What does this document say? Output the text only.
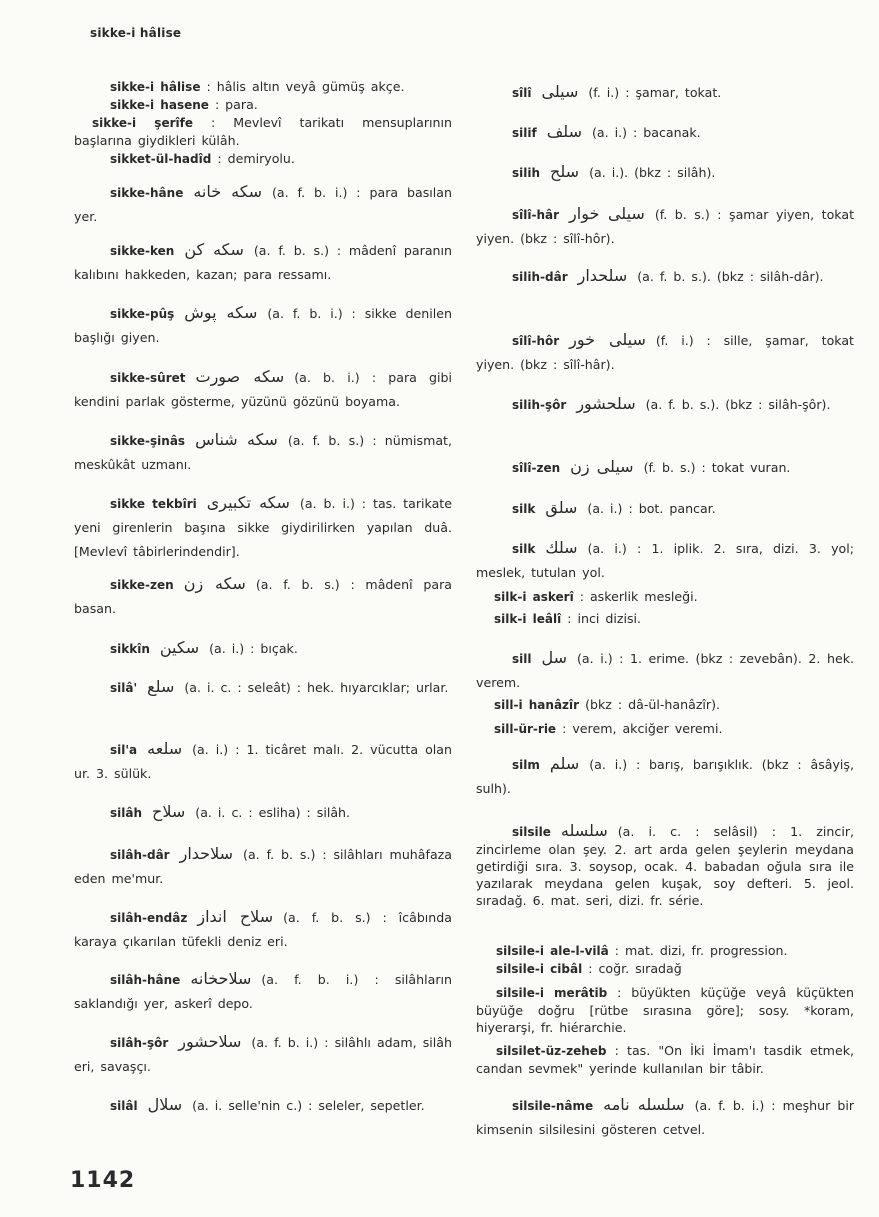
sikke-i hâlise
sikke-i hâlise : hâlis altın veyâ gümüş akçe.
sikke-i hasene : para.
sikke-i şerîfe : Mevlevî tarikatı mensuplarının başlarına giydikleri külâh.
sikket-ül-hadîd : demiryolu.
sikke-hâne سكه خانه (a. f. b. i.) : para basılan yer.
sikke-ken سكه كن (a. f. b. s.) : mâdenî paranın kalıbını hakkeden, kazan; para ressamı.
sikke-pûş سكه پوش (a. f. b. i.) : sikke denilen başlığı giyen.
sikke-sûret سكه صورت (a. b. i.) : para gibi kendini parlak gösterme, yüzünü gözünü boyama.
sikke-şinâs سكه شناس (a. f. b. s.) : nümismat, meskûkât uzmanı.
sikke tekbîri سكه تكبيرى (a. b. i.) : tas. tarikate yeni girenlerin başına sikke giydirilirken yapılan duâ. [Mevlevî tâbirlerindendir].
sikke-zen سكه زن (a. f. b. s.) : mâdenî para basan.
sikkîn سكين (a. i.) : bıçak.
silâ' سلع (a. i. c. : seleât) : hek. hıyarcıklar; urlar.
sil'a سلعه (a. i.) : 1. ticâret malı. 2. vücutta olan ur. 3. sülük.
silâh سلاح (a. i. c. : esliha) : silâh.
silâh-dâr سلاحدار (a. f. b. s.) : silâhları muhâfaza eden me'mur.
silâh-endâz سلاح انداز (a. f. b. s.) : îcâbında karaya çıkarılan tüfekli deniz eri.
silâh-hâne سلاحخانه (a. f. b. i.) : silâhların saklandığı yer, askerî depo.
silâh-şôr سلاحشور (a. f. b. i.) : silâhlı adam, silâh eri, savaşçı.
silâl سلال (a. i. selle'nin c.) : seleler, sepetler.
sîlî سيلى (f. i.) : şamar, tokat.
silif سلف (a. i.) : bacanak.
silih سلح (a. i.). (bkz : silâh).
sîlî-hâr سيلى خوار (f. b. s.) : şamar yiyen, tokat yiyen. (bkz : sîlî-hôr).
silih-dâr سلحدار (a. f. b. s.). (bkz : silâh-dâr).
sîlî-hôr سيلى خور (f. i.) : sille, şamar, tokat yiyen. (bkz : sîlî-hâr).
silih-şôr سلحشور (a. f. b. s.). (bkz : silâh-şôr).
sîlî-zen سيلى زن (f. b. s.) : tokat vuran.
silk سلق (a. i.) : bot. pancar.
silk سلك (a. i.) : 1. iplik. 2. sıra, dizi. 3. yol; meslek, tutulan yol.
silk-i askerî : askerlik mesleği.
silk-i leâlî : inci dizisi.
sill سل (a. i.) : 1. erime. (bkz : zevebân). 2. hek. verem.
sill-i hanâzîr (bkz : dâ-ül-hanâzîr).
sill-ür-rie : verem, akciğer veremi.
silm سلم (a. i.) : barış, barışıklık. (bkz : âsâyiş, sulh).
silsile سلسله (a. i. c. : selâsil) : 1. zincir, zincirleme olan şey. 2. art arda gelen şeylerin meydana getirdiği sıra. 3. soysop, ocak. 4. babadan oğula sıra ile yazılarak meydana gelen kuşak, soy defteri. 5. jeol. sıradağ. 6. mat. seri, dizi. fr. série.
silsile-i ale-l-vilâ : mat. dizi, fr. progression.
silsile-i cibâl : coğr. sıradağ
silsile-i merâtib : büyükten küçüğe veyâ küçükten büyüğe doğru [rütbe sırasına göre]; sosy. *koram, hiyerarşi, fr. hiérarchie.
silsilet-üz-zeheb : tas. "On İki İmam'ı tasdik etmek, candan sevmek" yerinde kullanılan bir tâbir.
silsile-nâme سلسله نامه (a. f. b. i.) : meşhur bir kimsenin silsilesini gösteren cetvel.
1142
